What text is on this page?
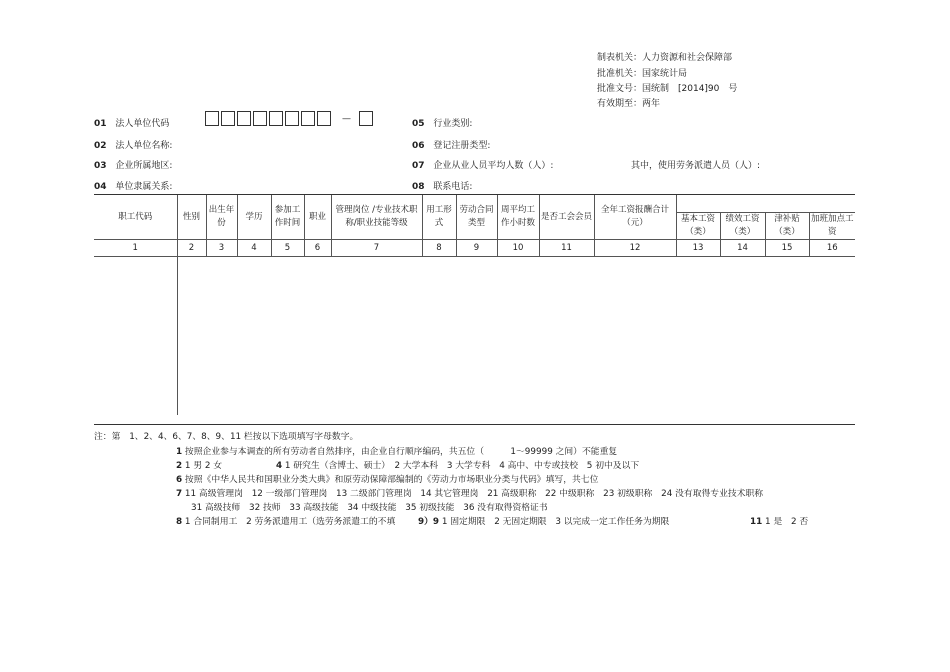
制表机关：人力资源和社会保障部
批准机关：国家统计局
批准文号：国统制　[2014]90　号
有效期至：两年
01 法人单位代码
02 法人单位名称:
03 企业所属地区:
04 单位隶属关系:
—	05 行业类别:
06 登记注册类型:
07 企业从业人员平均人数（人）:	其中，使用劳务派遣人员（人）:
08 联系电话:
职工代码	性别	出生年份	学历	参加工作时间	职业	管理岗位 /专业技术职称/职业技能等级	用工形式	劳动合同类型	周平均工作小时数	是否工会会员	全年工资报酬合计（元）				
												基本工资（类）	绩效工资（类）	津补贴（类）	加班加点工资
1	2	3	4	5	6	7	8	9	10	11	12	13	14	15	16

注：第　1、2、4、6、7、8、9、11 栏按以下选项填写字母数字。
1 按照企业参与本调查的所有劳动者自然排序，由企业自行顺序编码，共五位（　　　1～99999 之间）不能重复
2 1 男 2 女	4 1 研究生（含博士、硕士）　2 大学本科　3 大学专科　4 高中、中专或技校　5 初中及以下
6 按照《中华人民共和国职业分类大典》和原劳动保障部编制的《劳动力市场职业分类与代码》填写，共七位
7 11 高级管理岗　12 一级部门管理岗　13 二级部门管理岗　14 其它管理岗　21 高级职称　22 中级职称　23 初级职称　24 没有取得专业技术职称
31 高级技师　32 技师　33 高级技能　34 中级技能　35 初级技能　36 没有取得资格证书
8 1 合同制用工　2 劳务派遣用工（选劳务派遣工的不填	9）9 1 固定期限　2 无固定期限　3 以完成一定工作任务为期限	11 1 是　2 否
